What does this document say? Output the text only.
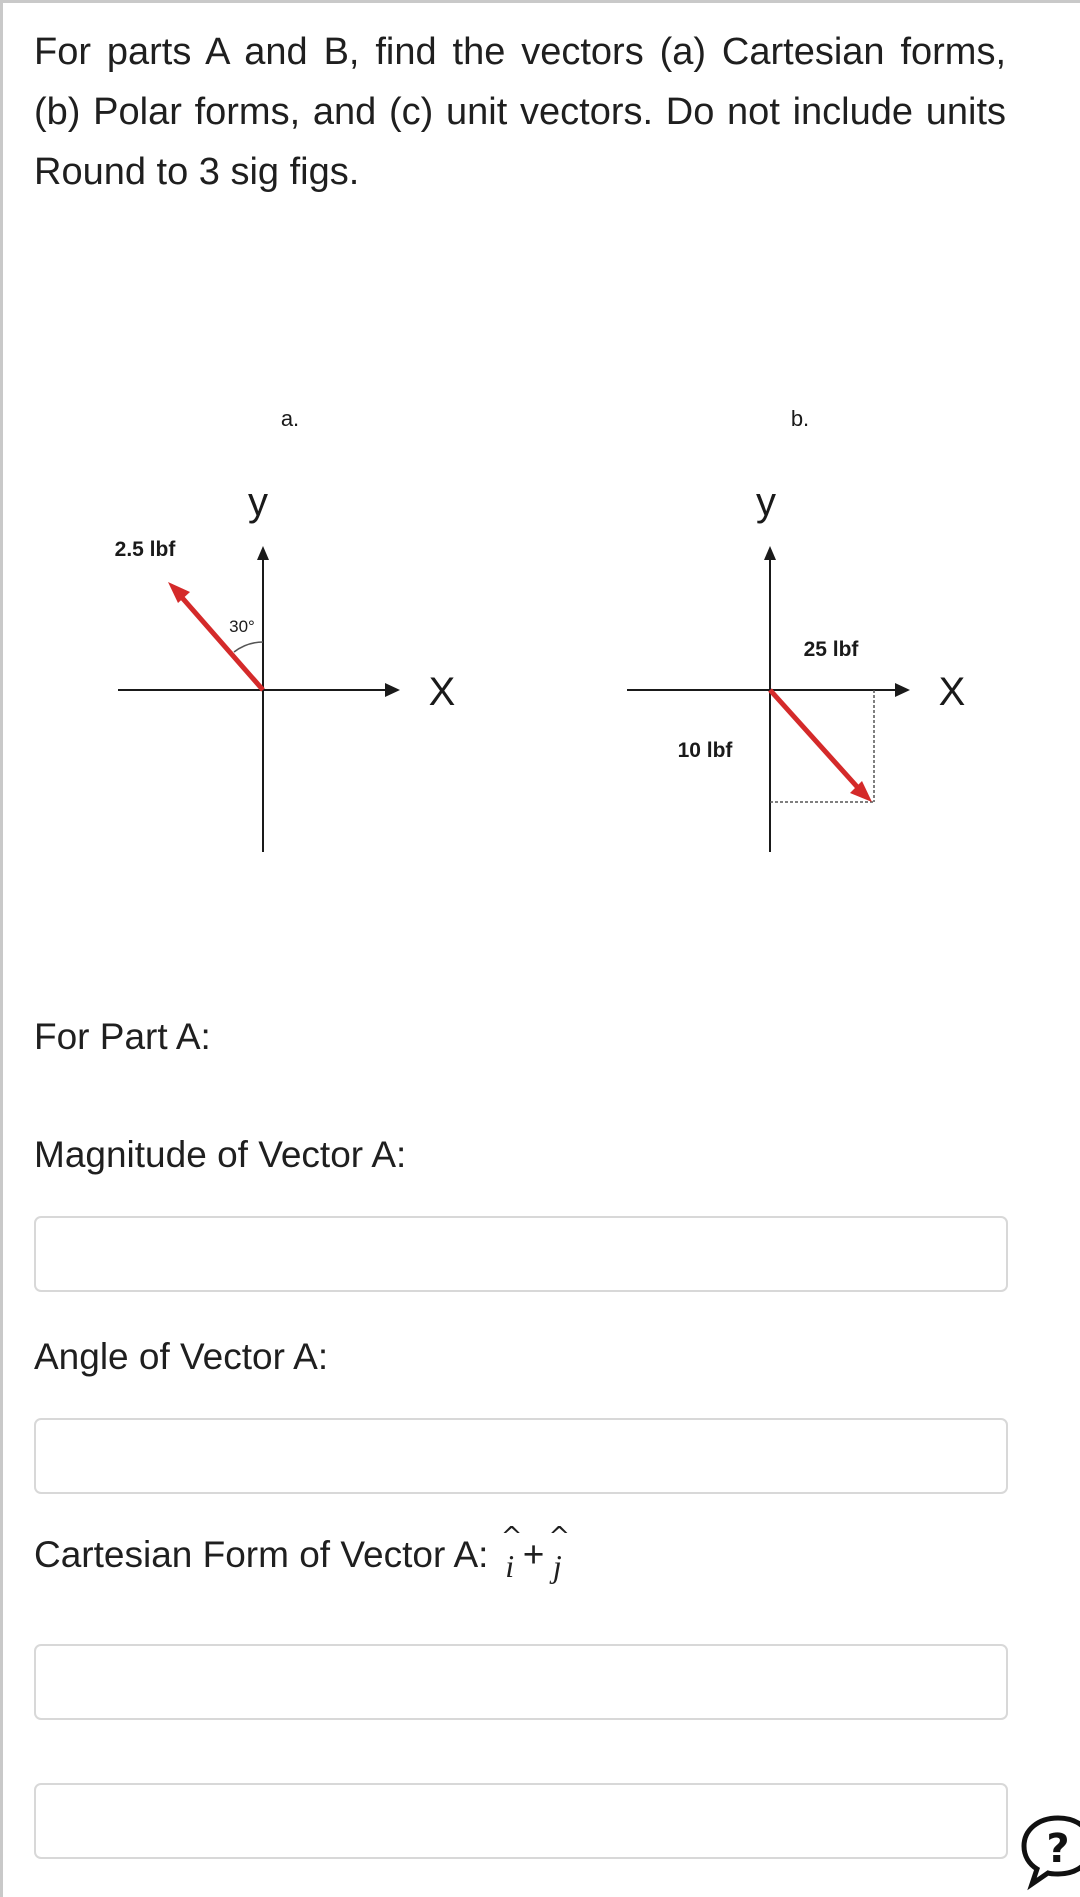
For parts A and B, find the vectors (a) Cartesian forms, (b) Polar forms, and (c) unit vectors. Do not include units Round to 3 sig figs.

a.
y
X
2.5 lbf
30°
b.
y
X
25 lbf
10 lbf

For Part A:

Magnitude of Vector A:

Angle of Vector A:

Cartesian Form of Vector A: ^ i + ^ j
?
